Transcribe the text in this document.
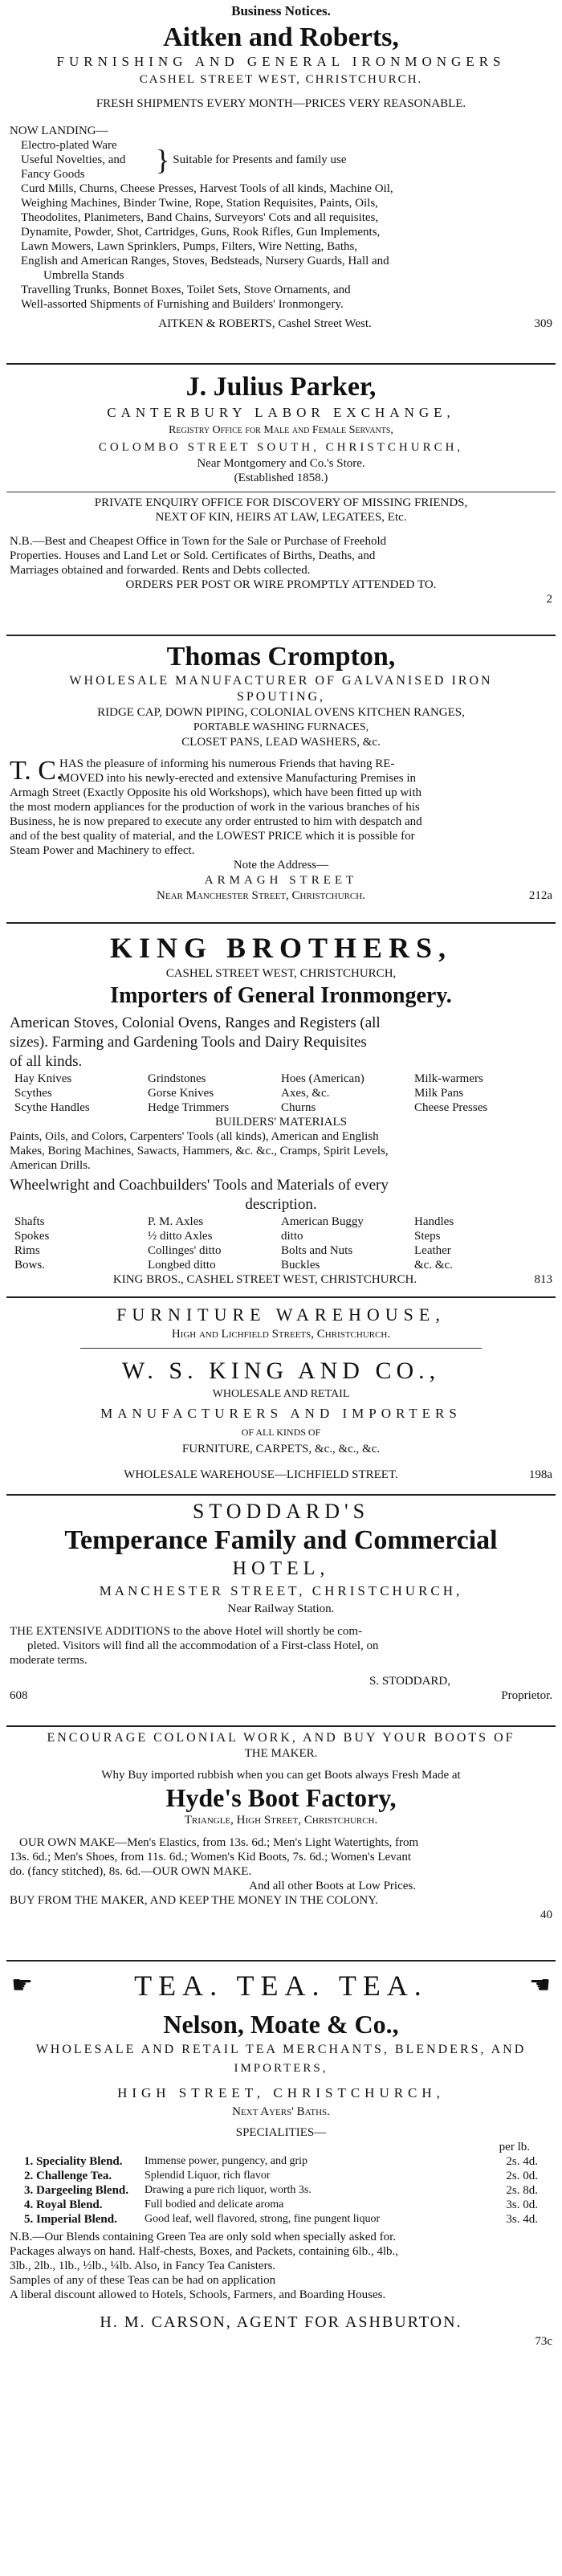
Business Notices.
Aitken and Roberts,
FURNISHING AND GENERAL IRONMONGERS
CASHEL STREET WEST, CHRISTCHURCH.
FRESH SHIPMENTS EVERY MONTH—PRICES VERY REASONABLE.
NOW LANDING—
Electro-plated Ware
Useful Novelties, and
Fancy Goods	} Suitable for Presents and family use
Curd Mills, Churns, Cheese Presses, Harvest Tools of all kinds, Machine Oil,
Weighing Machines, Binder Twine, Rope, Station Requisites, Paints, Oils,
Theodolites, Planimeters, Band Chains, Surveyors' Cots and all requisites,
Dynamite, Powder, Shot, Cartridges, Guns, Rook Rifles, Gun Implements,
Lawn Mowers, Lawn Sprinklers, Pumps, Filters, Wire Netting, Baths,
English and American Ranges, Stoves, Bedsteads, Nursery Guards, Hall and
Umbrella Stands
Travelling Trunks, Bonnet Boxes, Toilet Sets, Stove Ornaments, and
Well-assorted Shipments of Furnishing and Builders' Ironmongery.
AITKEN & ROBERTS, Cashel Street West.	309
J. Julius Parker,
CANTERBURY LABOR EXCHANGE,
Registry Office for Male and Female Servants,
COLOMBO STREET SOUTH, CHRISTCHURCH,
Near Montgomery and Co.'s Store.
(Established 1858.)
PRIVATE ENQUIRY OFFICE FOR DISCOVERY OF MISSING FRIENDS,
NEXT OF KIN, HEIRS AT LAW, LEGATEES, Etc.
N.B.—Best and Cheapest Office in Town for the Sale or Purchase of Freehold
Properties. Houses and Land Let or Sold. Certificates of Births, Deaths, and
Marriages obtained and forwarded. Rents and Debts collected.
ORDERS PER POST OR WIRE PROMPTLY ATTENDED TO.
2
Thomas Crompton,
WHOLESALE MANUFACTURER OF GALVANISED IRON
SPOUTING,
RIDGE CAP, DOWN PIPING, COLONIAL OVENS KITCHEN RANGES,
PORTABLE WASHING FURNACES,
CLOSET PANS, LEAD WASHERS, &c.
T. C.
HAS the pleasure of informing his numerous Friends that having RE-
MOVED into his newly-erected and extensive Manufacturing Premises in
Armagh Street (Exactly Opposite his old Workshops), which have been fitted up with
the most modern appliances for the production of work in the various branches of his
Business, he is now prepared to execute any order entrusted to him with despatch and
and of the best quality of material, and the LOWEST PRICE which it is possible for
Steam Power and Machinery to effect.
Note the Address—
ARMAGH STREET
Near Manchester Street, Christchurch.	212a
KING BROTHERS,
CASHEL STREET WEST, CHRISTCHURCH,
Importers of General Ironmongery.
American Stoves, Colonial Ovens, Ranges and Registers (all
sizes). Farming and Gardening Tools and Dairy Requisites
of all kinds.
Hay Knives	Grindstones	Hoes (American)	Milk-warmers
Scythes	Gorse Knives	Axes, &c.	Milk Pans
Scythe Handles	Hedge Trimmers	Churns	Cheese Presses
BUILDERS' MATERIALS
Paints, Oils, and Colors, Carpenters' Tools (all kinds), American and English
Makes, Boring Machines, Sawacts, Hammers, &c. &c., Cramps, Spirit Levels,
American Drills.
Wheelwright and Coachbuilders' Tools and Materials of every
description.
Shafts	P. M. Axles	American Buggy	Handles
Spokes	½ ditto Axles	ditto	Steps
Rims	Collinges' ditto	Bolts and Nuts	Leather
Bows.	Longbed ditto	Buckles	&c. &c.
KING BROS., CASHEL STREET WEST, CHRISTCHURCH.	813
FURNITURE WAREHOUSE,
High and Lichfield Streets, Christchurch.
W. S. KING AND CO.,
WHOLESALE AND RETAIL
MANUFACTURERS AND IMPORTERS
OF ALL KINDS OF
FURNITURE, CARPETS, &c., &c., &c.
WHOLESALE WAREHOUSE—LICHFIELD STREET.	198a
STODDARD'S
Temperance Family and Commercial
HOTEL,
MANCHESTER STREET, CHRISTCHURCH,
Near Railway Station.
THE EXTENSIVE ADDITIONS to the above Hotel will shortly be com-
pleted. Visitors will find all the accommodation of a First-class Hotel, on
moderate terms.
S. STODDARD,
608	Proprietor.
ENCOURAGE COLONIAL WORK, AND BUY YOUR BOOTS OF
THE MAKER.
Why Buy imported rubbish when you can get Boots always Fresh Made at
Hyde's Boot Factory,
Triangle, High Street, Christchurch.
OUR OWN MAKE—Men's Elastics, from 13s. 6d.; Men's Light Watertights, from
13s. 6d.; Men's Shoes, from 11s. 6d.; Women's Kid Boots, 7s. 6d.; Women's Levant
do. (fancy stitched), 8s. 6d.—OUR OWN MAKE.
And all other Boots at Low Prices.
BUY FROM THE MAKER, AND KEEP THE MONEY IN THE COLONY.
40
☛	TEA. TEA. TEA.	☚
Nelson, Moate & Co.,
WHOLESALE AND RETAIL TEA MERCHANTS, BLENDERS, AND
IMPORTERS,
HIGH STREET, CHRISTCHURCH,
Next Ayers' Baths.
SPECIALITIES—
per lb.
1. Speciality Blend.	Immense power, pungency, and grip	2s. 4d.
2. Challenge Tea.	Splendid Liquor, rich flavor	2s. 0d.
3. Dargeeling Blend.	Drawing a pure rich liquor, worth 3s.	2s. 8d.
4. Royal Blend.	Full bodied and delicate aroma	3s. 0d.
5. Imperial Blend.	Good leaf, well flavored, strong, fine pungent liquor	3s. 4d.
N.B.—Our Blends containing Green Tea are only sold when specially asked for.
Packages always on hand. Half-chests, Boxes, and Packets, containing 6lb., 4lb.,
3lb., 2lb., 1lb., ½lb., ¼lb. Also, in Fancy Tea Canisters.
Samples of any of these Teas can be had on application
A liberal discount allowed to Hotels, Schools, Farmers, and Boarding Houses.
H. M. CARSON, AGENT FOR ASHBURTON.
73c
